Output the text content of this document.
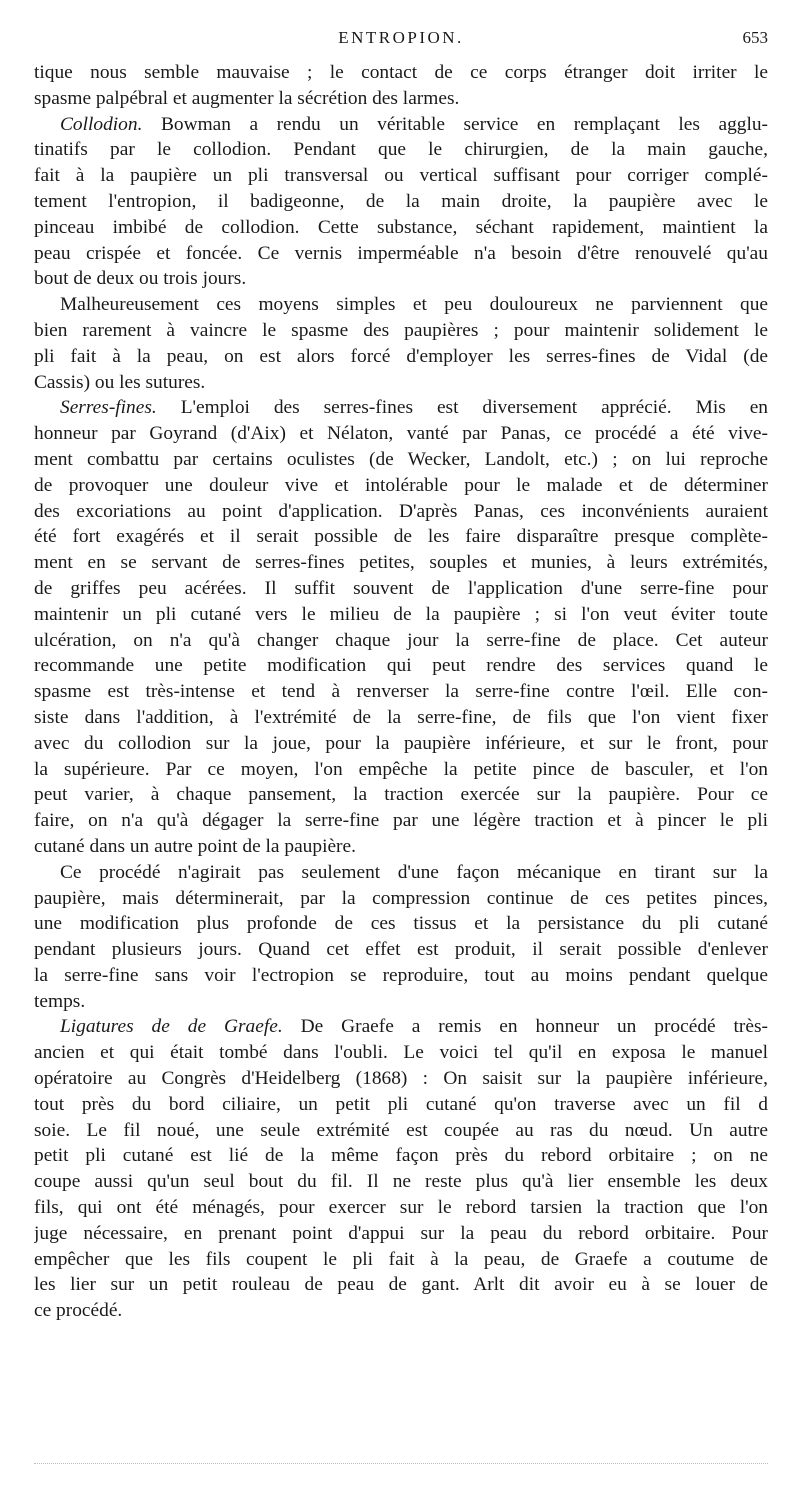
ENTROPION.	653
tique nous semble mauvaise ; le contact de ce corps étranger doit irriter le
spasme palpébral et augmenter la sécrétion des larmes.
Collodion. Bowman a rendu un véritable service en remplaçant les agglu-
tinatifs par le collodion. Pendant que le chirurgien, de la main gauche,
fait à la paupière un pli transversal ou vertical suffisant pour corriger complé-
tement l'entropion, il badigeonne, de la main droite, la paupière avec le
pinceau imbibé de collodion. Cette substance, séchant rapidement, maintient la
peau crispée et foncée. Ce vernis imperméable n'a besoin d'être renouvelé qu'au
bout de deux ou trois jours.
Malheureusement ces moyens simples et peu douloureux ne parviennent que
bien rarement à vaincre le spasme des paupières ; pour maintenir solidement le
pli fait à la peau, on est alors forcé d'employer les serres-fines de Vidal (de
Cassis) ou les sutures.
Serres-fines. L'emploi des serres-fines est diversement apprécié. Mis en
honneur par Goyrand (d'Aix) et Nélaton, vanté par Panas, ce procédé a été vive-
ment combattu par certains oculistes (de Wecker, Landolt, etc.) ; on lui reproche
de provoquer une douleur vive et intolérable pour le malade et de déterminer
des excoriations au point d'application. D'après Panas, ces inconvénients auraient
été fort exagérés et il serait possible de les faire disparaître presque complète-
ment en se servant de serres-fines petites, souples et munies, à leurs extrémités,
de griffes peu acérées. Il suffit souvent de l'application d'une serre-fine pour
maintenir un pli cutané vers le milieu de la paupière ; si l'on veut éviter toute
ulcération, on n'a qu'à changer chaque jour la serre-fine de place. Cet auteur
recommande une petite modification qui peut rendre des services quand le
spasme est très-intense et tend à renverser la serre-fine contre l'œil. Elle con-
siste dans l'addition, à l'extrémité de la serre-fine, de fils que l'on vient fixer
avec du collodion sur la joue, pour la paupière inférieure, et sur le front, pour
la supérieure. Par ce moyen, l'on empêche la petite pince de basculer, et l'on
peut varier, à chaque pansement, la traction exercée sur la paupière. Pour ce
faire, on n'a qu'à dégager la serre-fine par une légère traction et à pincer le pli
cutané dans un autre point de la paupière.
Ce procédé n'agirait pas seulement d'une façon mécanique en tirant sur la
paupière, mais déterminerait, par la compression continue de ces petites pinces,
une modification plus profonde de ces tissus et la persistance du pli cutané
pendant plusieurs jours. Quand cet effet est produit, il serait possible d'enlever
la serre-fine sans voir l'ectropion se reproduire, tout au moins pendant quelque
temps.
Ligatures de de Graefe. De Graefe a remis en honneur un procédé très-
ancien et qui était tombé dans l'oubli. Le voici tel qu'il en exposa le manuel
opératoire au Congrès d'Heidelberg (1868) : On saisit sur la paupière inférieure,
tout près du bord ciliaire, un petit pli cutané qu'on traverse avec un fil d
soie. Le fil noué, une seule extrémité est coupée au ras du nœud. Un autre
petit pli cutané est lié de la même façon près du rebord orbitaire ; on ne
coupe aussi qu'un seul bout du fil. Il ne reste plus qu'à lier ensemble les deux
fils, qui ont été ménagés, pour exercer sur le rebord tarsien la traction que l'on
juge nécessaire, en prenant point d'appui sur la peau du rebord orbitaire. Pour
empêcher que les fils coupent le pli fait à la peau, de Graefe a coutume de
les lier sur un petit rouleau de peau de gant. Arlt dit avoir eu à se louer de
ce procédé.
